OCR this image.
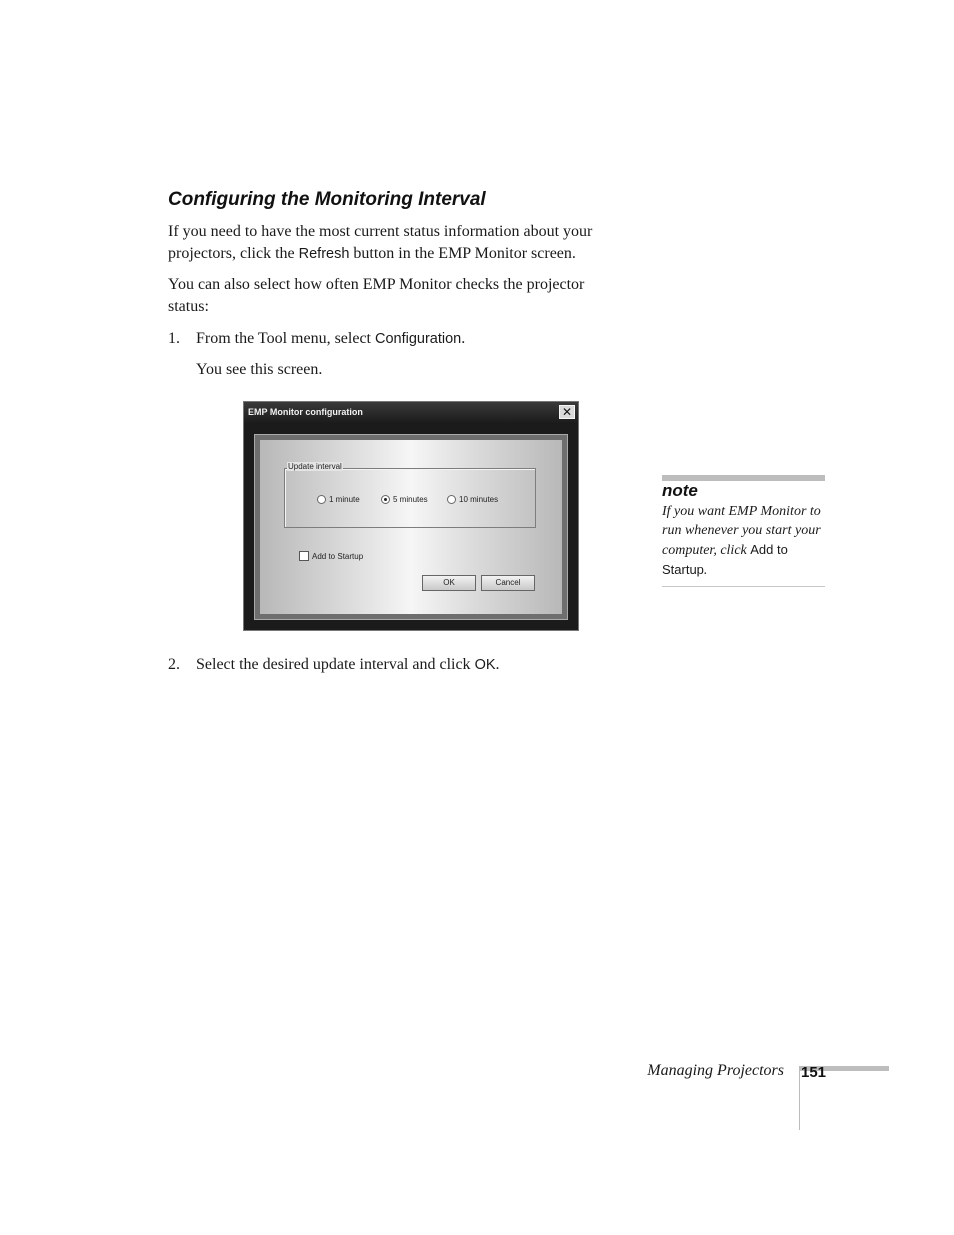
Configuring the Monitoring Interval
If you need to have the most current status information about your projectors, click the Refresh button in the EMP Monitor screen.
You can also select how often EMP Monitor checks the projector status:
1. From the Tool menu, select Configuration.
You see this screen.
EMP Monitor configuration	✕
Update interval
1 minute	5 minutes	10 minutes
Add to Startup
OK	Cancel
2. Select the desired update interval and click OK.
note
If you want EMP Monitor to run whenever you start your computer, click Add to Startup.
Managing Projectors 151
